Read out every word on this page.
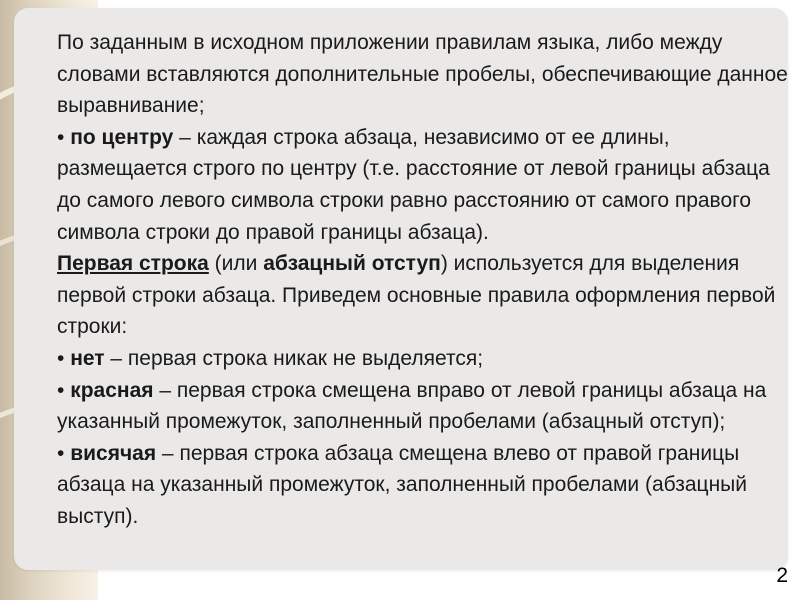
По заданным в исходном приложении правилам языка, либо между словами вставляются дополнительные пробелы, обеспечивающие данное выравнивание;

• по центру – каждая строка абзаца, независимо от ее длины, размещается строго по центру (т.е. расстояние от левой границы абзаца до самого левого символа строки равно расстоянию от самого правого символа строки до правой границы абзаца).

Первая строка (или абзацный отступ) используется для выделения первой строки абзаца. Приведем основные правила оформления первой строки:

• нет – первая строка никак не выделяется;

• красная – первая строка смещена вправо от левой границы абзаца на указанный промежуток, заполненный пробелами (абзацный отступ);

• висячая – первая строка абзаца смещена влево от правой границы абзаца на указанный промежуток, заполненный пробелами (абзацный выступ).

2
